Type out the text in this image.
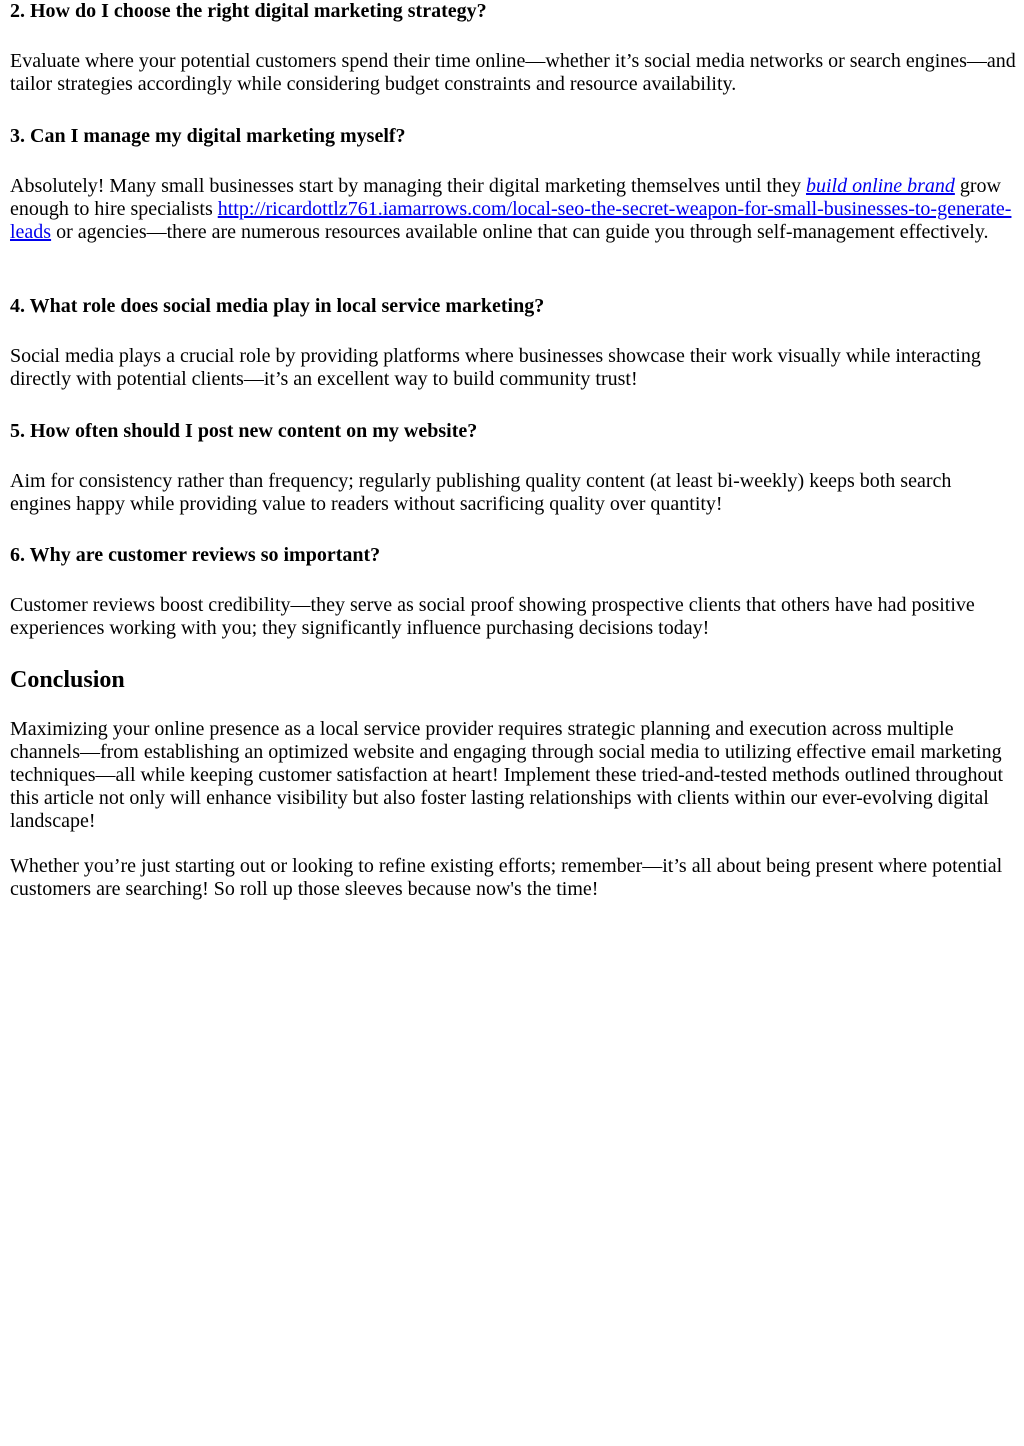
2. How do I choose the right digital marketing strategy?

Evaluate where your potential customers spend their time online—whether it’s social media networks or search engines—and tailor strategies accordingly while considering budget constraints and resource availability.

3. Can I manage my digital marketing myself?

Absolutely! Many small businesses start by managing their digital marketing themselves until they build online brand grow enough to hire specialists http://ricardottlz761.iamarrows.com/local-seo-the-secret-weapon-for-small-businesses-to-generate-leads or agencies—there are numerous resources available online that can guide you through self-management effectively.

4. What role does social media play in local service marketing?

Social media plays a crucial role by providing platforms where businesses showcase their work visually while interacting directly with potential clients—it’s an excellent way to build community trust!

5. How often should I post new content on my website?

Aim for consistency rather than frequency; regularly publishing quality content (at least bi-weekly) keeps both search engines happy while providing value to readers without sacrificing quality over quantity!

6. Why are customer reviews so important?

Customer reviews boost credibility—they serve as social proof showing prospective clients that others have had positive experiences working with you; they significantly influence purchasing decisions today!

Conclusion

Maximizing your online presence as a local service provider requires strategic planning and execution across multiple channels—from establishing an optimized website and engaging through social media to utilizing effective email marketing techniques—all while keeping customer satisfaction at heart! Implement these tried-and-tested methods outlined throughout this article not only will enhance visibility but also foster lasting relationships with clients within our ever-evolving digital landscape!

Whether you’re just starting out or looking to refine existing efforts; remember—it’s all about being present where potential customers are searching! So roll up those sleeves because now's the time!
